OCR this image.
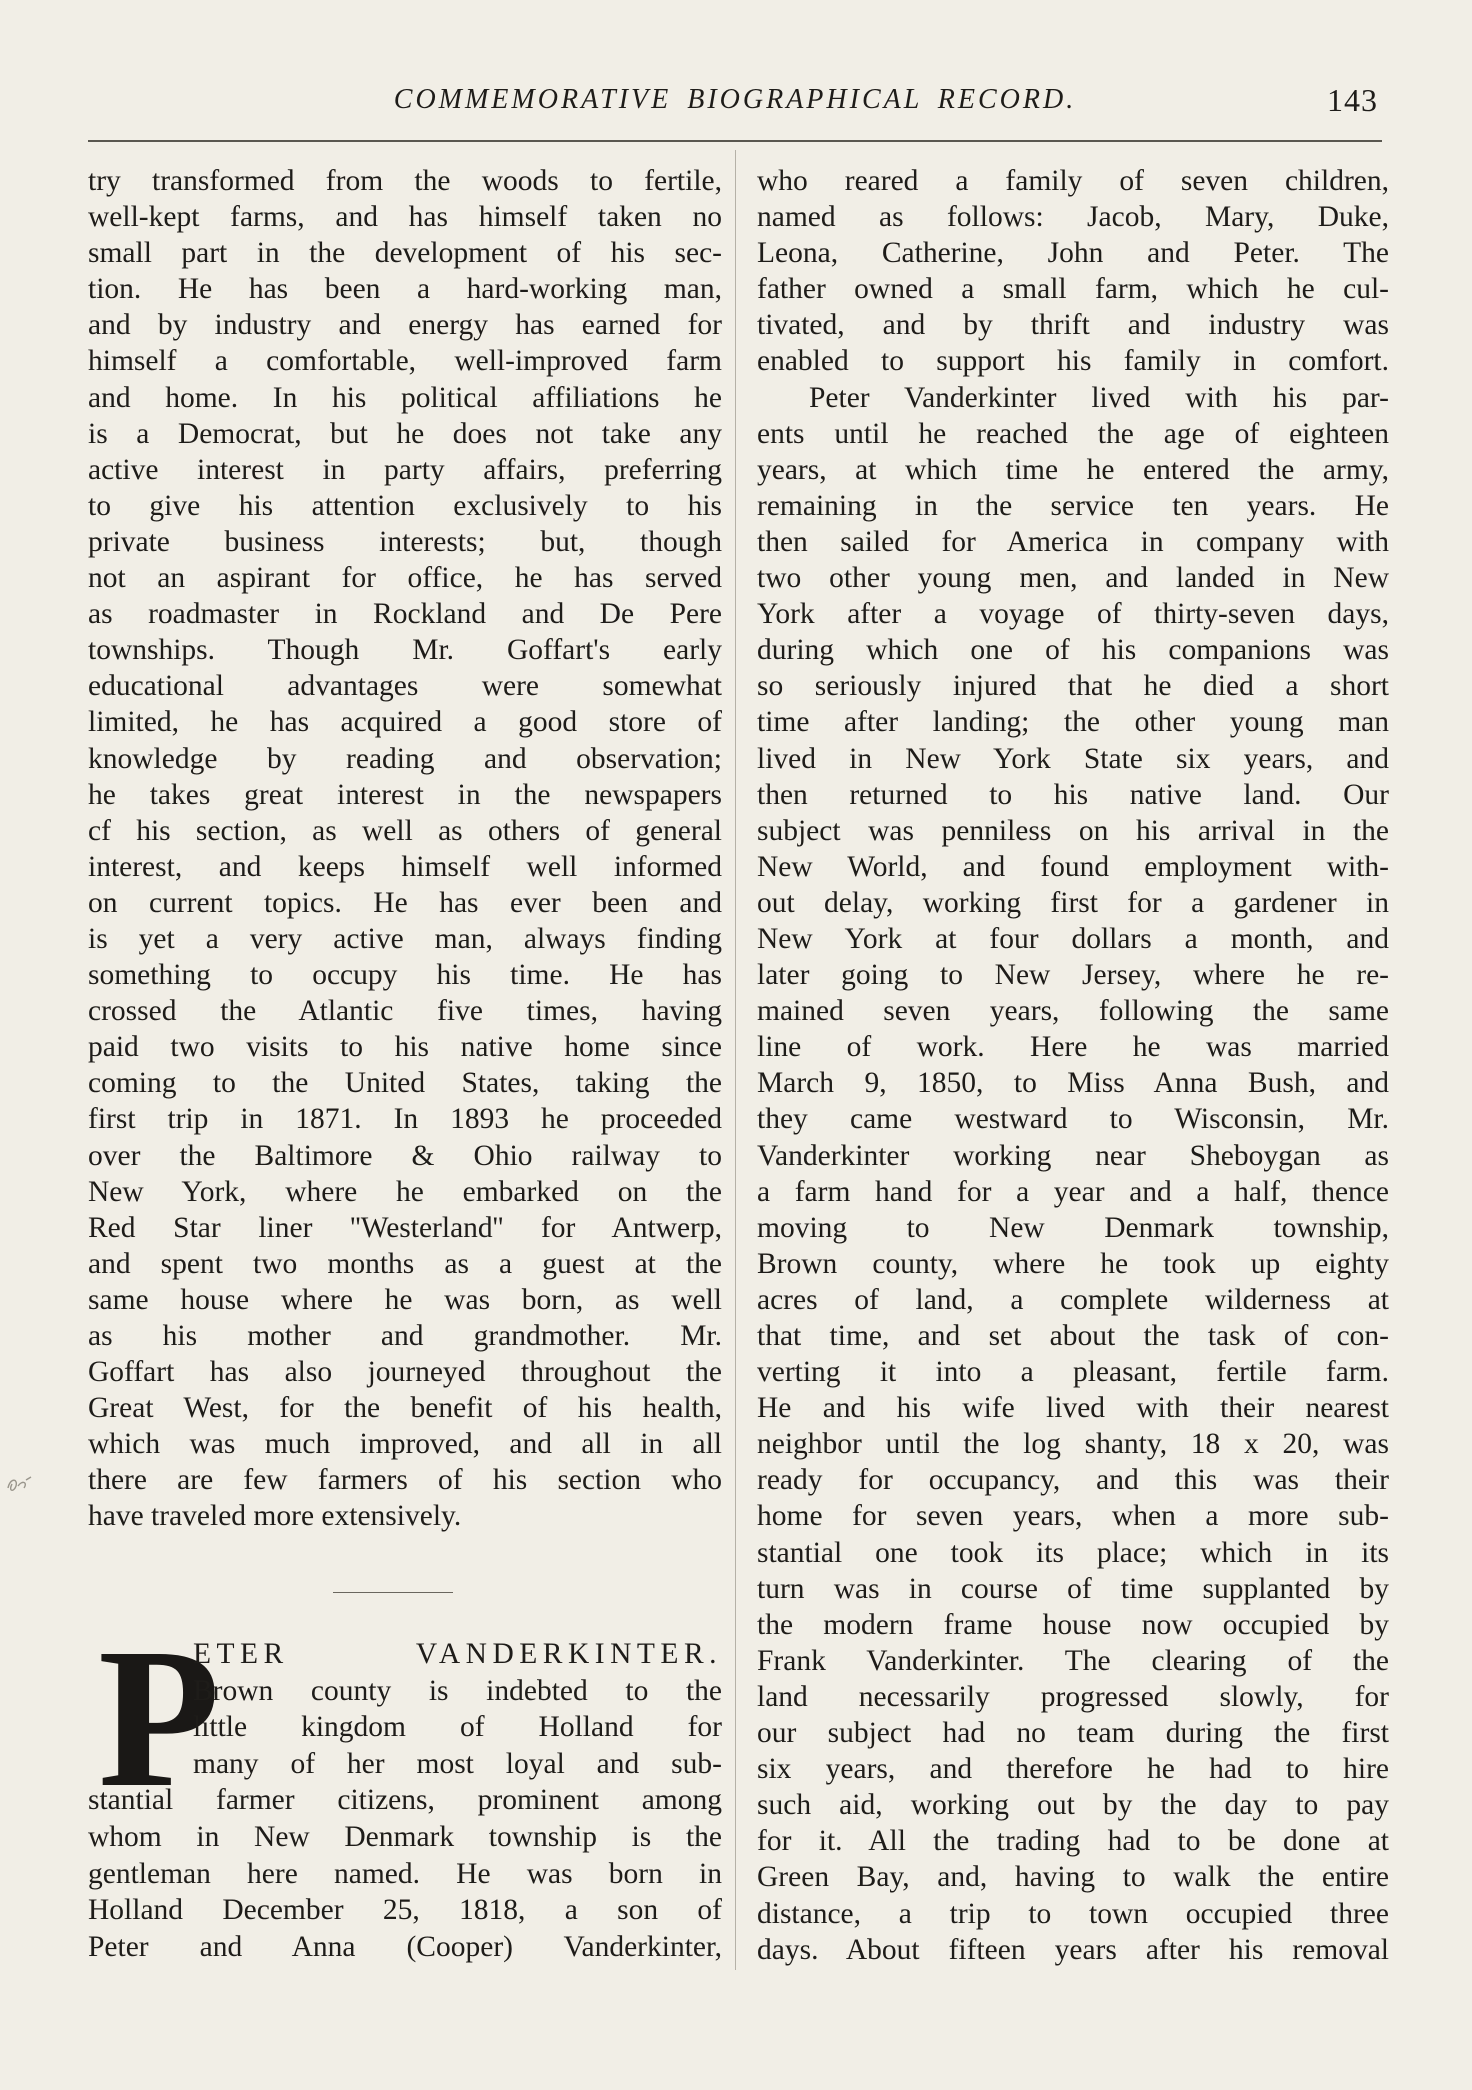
COMMEMORATIVE BIOGRAPHICAL RECORD.	143
try transformed from the woods to fertile,
well-kept farms, and has himself taken no
small part in the development of his sec-
tion. He has been a hard-working man,
and by industry and energy has earned for
himself a comfortable, well-improved farm
and home. In his political affiliations he
is a Democrat, but he does not take any
active interest in party affairs, preferring
to give his attention exclusively to his
private business interests; but, though
not an aspirant for office, he has served
as roadmaster in Rockland and De Pere
townships. Though Mr. Goffart's early
educational advantages were somewhat
limited, he has acquired a good store of
knowledge by reading and observation;
he takes great interest in the newspapers
cf his section, as well as others of general
interest, and keeps himself well informed
on current topics. He has ever been and
is yet a very active man, always finding
something to occupy his time. He has
crossed the Atlantic five times, having
paid two visits to his native home since
coming to the United States, taking the
first trip in 1871. In 1893 he proceeded
over the Baltimore & Ohio railway to
New York, where he embarked on the
Red Star liner ''Westerland'' for Antwerp,
and spent two months as a guest at the
same house where he was born, as well
as his mother and grandmother. Mr.
Goffart has also journeyed throughout the
Great West, for the benefit of his health,
which was much improved, and all in all
there are few farmers of his section who
have traveled more extensively.
P
ETER VANDERKINTER.
Brown county is indebted to the
little kingdom of Holland for
many of her most loyal and sub-
stantial farmer citizens, prominent among
whom in New Denmark township is the
gentleman here named. He was born in
Holland December 25, 1818, a son of
Peter and Anna (Cooper) Vanderkinter,
who reared a family of seven children,
named as follows: Jacob, Mary, Duke,
Leona, Catherine, John and Peter. The
father owned a small farm, which he cul-
tivated, and by thrift and industry was
enabled to support his family in comfort.
Peter Vanderkinter lived with his par-
ents until he reached the age of eighteen
years, at which time he entered the army,
remaining in the service ten years. He
then sailed for America in company with
two other young men, and landed in New
York after a voyage of thirty-seven days,
during which one of his companions was
so seriously injured that he died a short
time after landing; the other young man
lived in New York State six years, and
then returned to his native land. Our
subject was penniless on his arrival in the
New World, and found employment with-
out delay, working first for a gardener in
New York at four dollars a month, and
later going to New Jersey, where he re-
mained seven years, following the same
line of work. Here he was married
March 9, 1850, to Miss Anna Bush, and
they came westward to Wisconsin, Mr.
Vanderkinter working near Sheboygan as
a farm hand for a year and a half, thence
moving to New Denmark township,
Brown county, where he took up eighty
acres of land, a complete wilderness at
that time, and set about the task of con-
verting it into a pleasant, fertile farm.
He and his wife lived with their nearest
neighbor until the log shanty, 18 x 20, was
ready for occupancy, and this was their
home for seven years, when a more sub-
stantial one took its place; which in its
turn was in course of time supplanted by
the modern frame house now occupied by
Frank Vanderkinter. The clearing of the
land necessarily progressed slowly, for
our subject had no team during the first
six years, and therefore he had to hire
such aid, working out by the day to pay
for it. All the trading had to be done at
Green Bay, and, having to walk the entire
distance, a trip to town occupied three
days. About fifteen years after his removal
